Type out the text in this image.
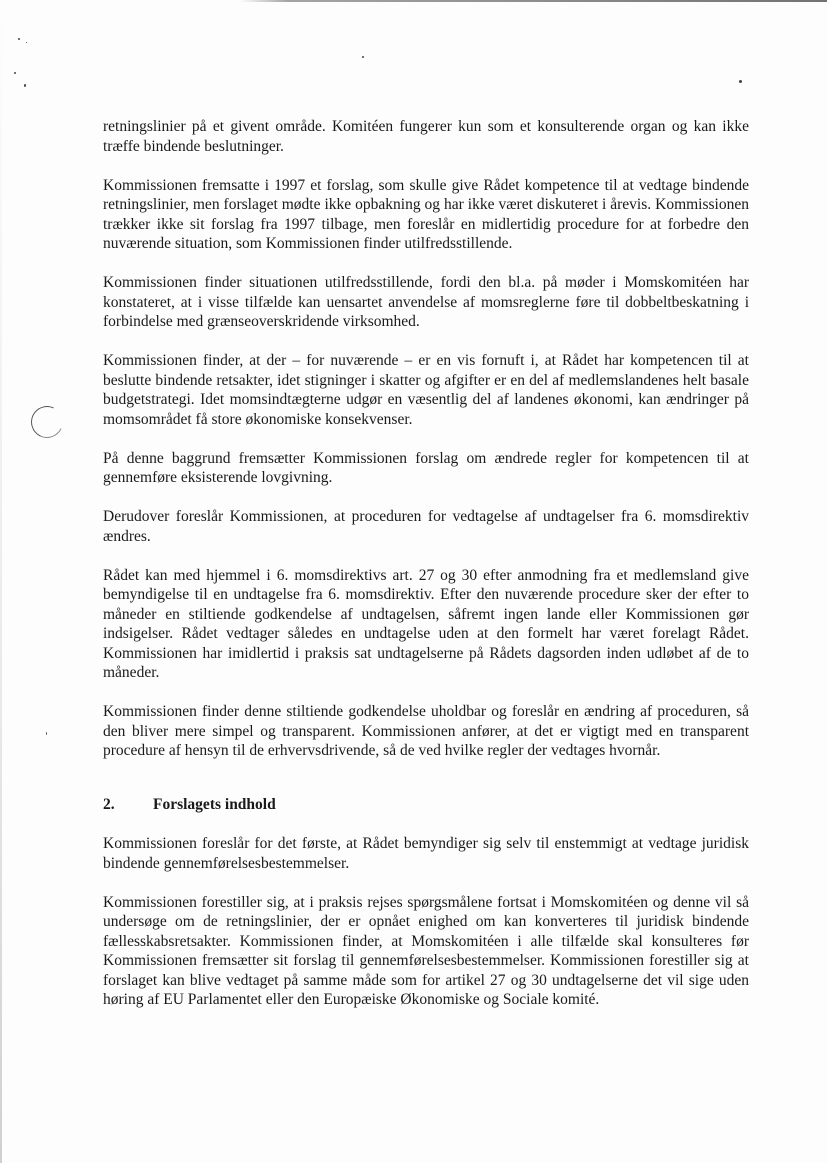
retningslinier på et givent område. Komitéen fungerer kun som et konsulterende organ og kan ikke træffe bindende beslutninger.

Kommissionen fremsatte i 1997 et forslag, som skulle give Rådet kompetence til at vedtage bindende retningslinier, men forslaget mødte ikke opbakning og har ikke været diskuteret i årevis. Kommissionen trækker ikke sit forslag fra 1997 tilbage, men foreslår en midlertidig procedure for at forbedre den nuværende situation, som Kommissionen finder utilfredsstillende.

Kommissionen finder situationen utilfredsstillende, fordi den bl.a. på møder i Momskomitéen har konstateret, at i visse tilfælde kan uensartet anvendelse af momsreglerne føre til dobbeltbeskatning i forbindelse med grænseoverskridende virksomhed.

Kommissionen finder, at der – for nuværende – er en vis fornuft i, at Rådet har kompetencen til at beslutte bindende retsakter, idet stigninger i skatter og afgifter er en del af medlemslandenes helt basale budgetstrategi. Idet momsindtægterne udgør en væsentlig del af landenes økonomi, kan ændringer på momsområdet få store økonomiske konsekvenser.

På denne baggrund fremsætter Kommissionen forslag om ændrede regler for kompetencen til at gennemføre eksisterende lovgivning.

Derudover foreslår Kommissionen, at proceduren for vedtagelse af undtagelser fra 6. momsdirektiv ændres.

Rådet kan med hjemmel i 6. momsdirektivs art. 27 og 30 efter anmodning fra et medlemsland give bemyndigelse til en undtagelse fra 6. momsdirektiv. Efter den nuværende procedure sker der efter to måneder en stiltiende godkendelse af undtagelsen, såfremt ingen lande eller Kommissionen gør indsigelser. Rådet vedtager således en undtagelse uden at den formelt har været forelagt Rådet. Kommissionen har imidlertid i praksis sat undtagelserne på Rådets dagsorden inden udløbet af de to måneder.

Kommissionen finder denne stiltiende godkendelse uholdbar og foreslår en ændring af proceduren, så den bliver mere simpel og transparent. Kommissionen anfører, at det er vigtigt med en transparent procedure af hensyn til de erhvervsdrivende, så de ved hvilke regler der vedtages hvornår.

2.	Forslagets indhold

Kommissionen foreslår for det første, at Rådet bemyndiger sig selv til enstemmigt at vedtage juridisk bindende gennemførelsesbestemmelser.

Kommissionen forestiller sig, at i praksis rejses spørgsmålene fortsat i Momskomitéen og denne vil så undersøge om de retningslinier, der er opnået enighed om kan konverteres til juridisk bindende fællesskabsretsakter. Kommissionen finder, at Momskomitéen i alle tilfælde skal konsulteres før Kommissionen fremsætter sit forslag til gennemførelsesbestemmelser. Kommissionen forestiller sig at forslaget kan blive vedtaget på samme måde som for artikel 27 og 30 undtagelserne det vil sige uden høring af EU Parlamentet eller den Europæiske Økonomiske og Sociale komité.
